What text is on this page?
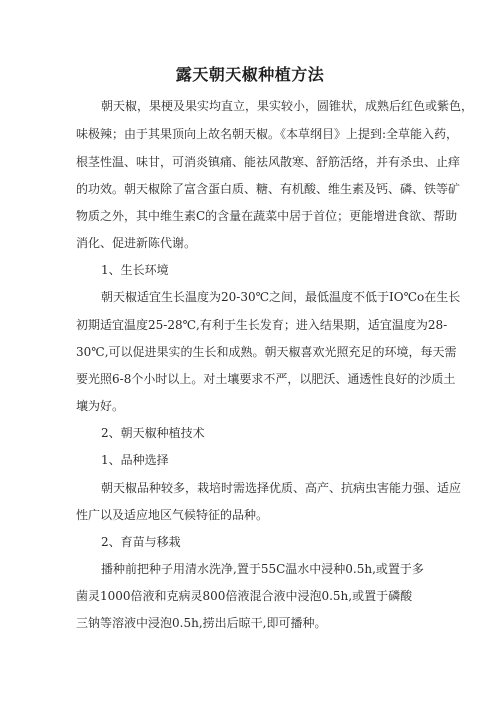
露天朝天椒种植方法
朝天椒，果梗及果实均直立，果实较小，圆锥状，成熟后红色或紫色，
味极辣；由于其果顶向上故名朝天椒。《本草纲目》上提到:全草能入药，
根茎性温、味甘，可消炎镇痛、能祛风散寒、舒筋活络，并有杀虫、止痒
的功效。朝天椒除了富含蛋白质、糖、有机酸、维生素及钙、磷、铁等矿
物质之外，其中维生素C的含量在蔬菜中居于首位；更能增进食欲、帮助
消化、促进新陈代谢。
1、生长环境
朝天椒适宜生长温度为20-30℃之间，最低温度不低于IO℃o在生长
初期适宜温度25-28℃,有利于生长发育；进入结果期，适宜温度为28-
30℃,可以促进果实的生长和成熟。朝天椒喜欢光照充足的环境，每天需
要光照6-8个小时以上。对土壤要求不严，以肥沃、通透性良好的沙质土
壤为好。
2、朝天椒种植技术
1、品种选择
朝天椒品种较多，栽培时需选择优质、高产、抗病虫害能力强、适应
性广以及适应地区气候特征的品种。
2、育苗与移栽
播种前把种子用清水洗净,置于55C温水中浸种0.5h,或置于多
菌灵1000倍液和克病灵800倍液混合液中浸泡0.5h,或置于磷酸
三钠等溶液中浸泡0.5h,捞出后晾干,即可播种。
